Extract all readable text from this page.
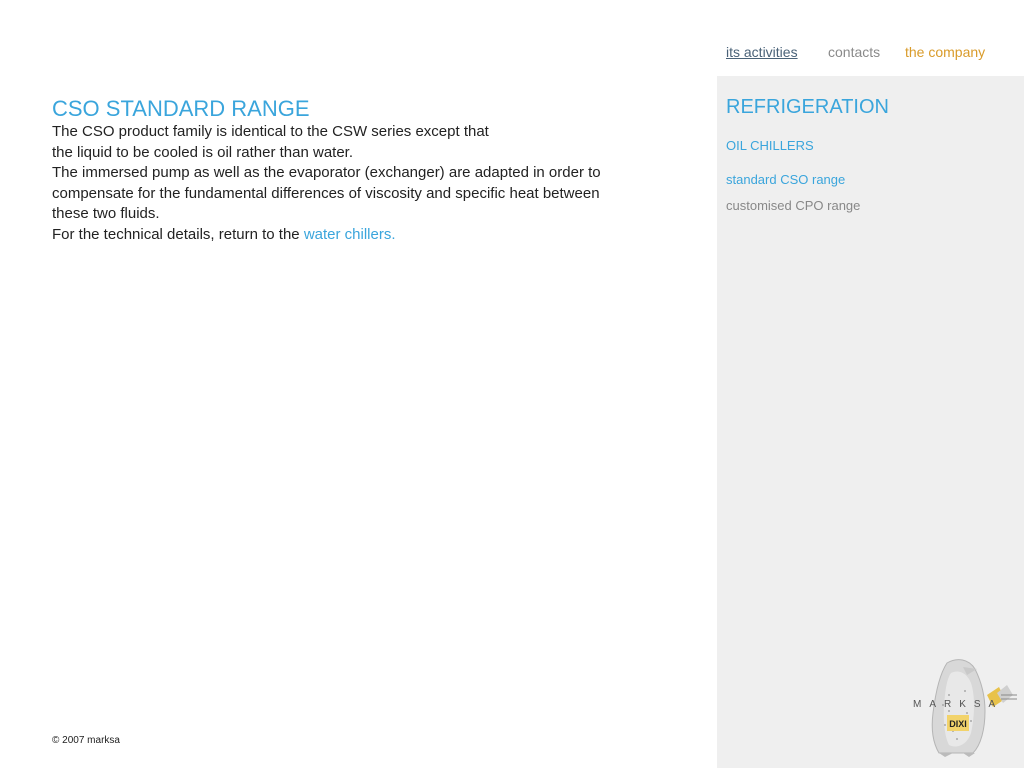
its activities contacts the company
CSO STANDARD RANGE
The CSO product family is identical to the CSW series except that
the liquid to be cooled is oil rather than water.
The immersed pump as well as the evaporator (exchanger) are adapted in order to
compensate for the fundamental differences of viscosity and specific heat between
these two fluids.
For the technical details, return to the water chillers.
© 2007 marksa
REFRIGERATION
OIL CHILLERS
standard CSO range
customised CPO range
DIXI
MARKSA
